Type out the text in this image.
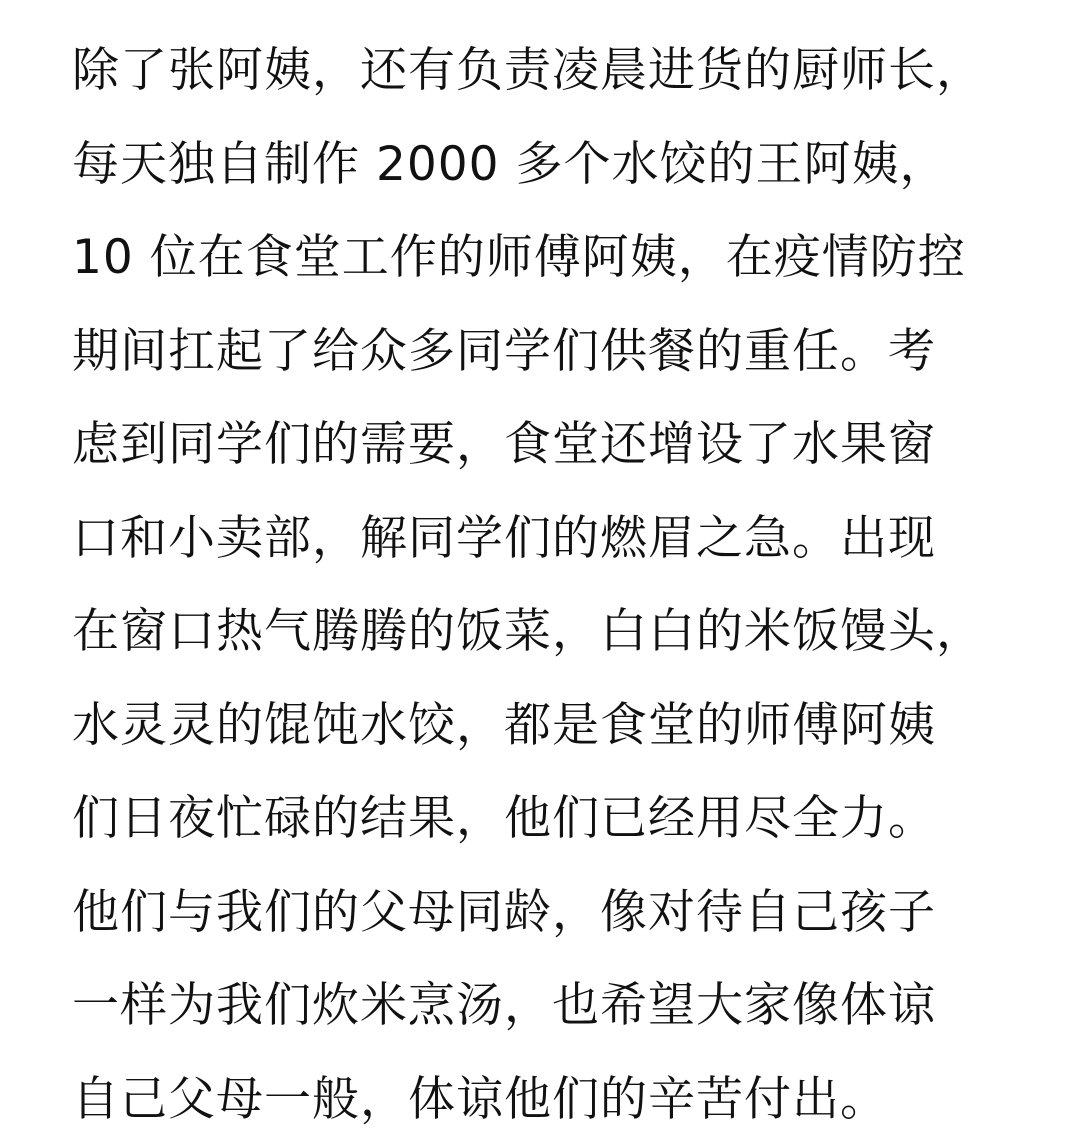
除了张阿姨，还有负责凌晨进货的厨师长，
每天独自制作 2000 多个水饺的王阿姨，
10 位在食堂工作的师傅阿姨，在疫情防控
期间扛起了给众多同学们供餐的重任。考
虑到同学们的需要，食堂还增设了水果窗
口和小卖部，解同学们的燃眉之急。出现
在窗口热气腾腾的饭菜，白白的米饭馒头，
水灵灵的馄饨水饺，都是食堂的师傅阿姨
们日夜忙碌的结果，他们已经用尽全力。
他们与我们的父母同龄，像对待自己孩子
一样为我们炊米烹汤，也希望大家像体谅
自己父母一般，体谅他们的辛苦付出。
